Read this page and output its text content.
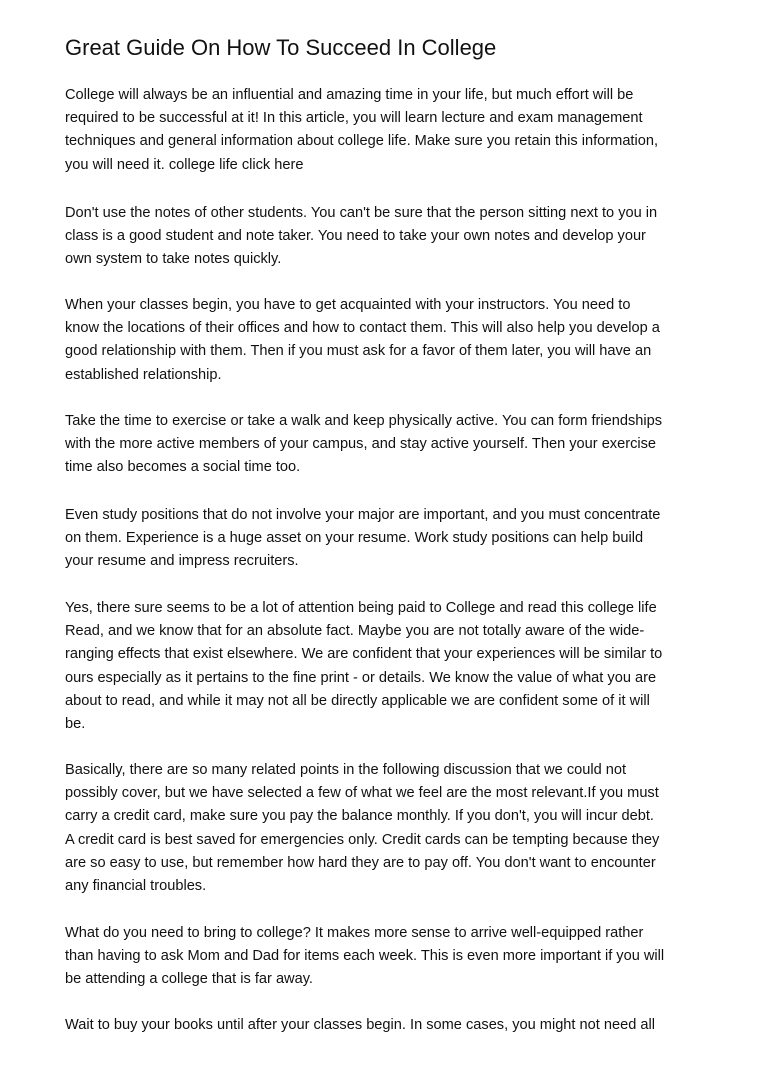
Great Guide On How To Succeed In College

College will always be an influential and amazing time in your life, but much effort will be
required to be successful at it! In this article, you will learn lecture and exam management
techniques and general information about college life. Make sure you retain this information,
you will need it. college life click here

Don't use the notes of other students. You can't be sure that the person sitting next to you in
class is a good student and note taker. You need to take your own notes and develop your
own system to take notes quickly.

When your classes begin, you have to get acquainted with your instructors. You need to
know the locations of their offices and how to contact them. This will also help you develop a
good relationship with them. Then if you must ask for a favor of them later, you will have an
established relationship.

Take the time to exercise or take a walk and keep physically active. You can form friendships
with the more active members of your campus, and stay active yourself. Then your exercise
time also becomes a social time too.

Even study positions that do not involve your major are important, and you must concentrate
on them. Experience is a huge asset on your resume. Work study positions can help build
your resume and impress recruiters.

Yes, there sure seems to be a lot of attention being paid to College and read this college life
Read, and we know that for an absolute fact. Maybe you are not totally aware of the wide-
ranging effects that exist elsewhere. We are confident that your experiences will be similar to
ours especially as it pertains to the fine print - or details. We know the value of what you are
about to read, and while it may not all be directly applicable we are confident some of it will
be.

Basically, there are so many related points in the following discussion that we could not
possibly cover, but we have selected a few of what we feel are the most relevant.If you must
carry a credit card, make sure you pay the balance monthly. If you don't, you will incur debt.
A credit card is best saved for emergencies only. Credit cards can be tempting because they
are so easy to use, but remember how hard they are to pay off. You don't want to encounter
any financial troubles.

What do you need to bring to college? It makes more sense to arrive well-equipped rather
than having to ask Mom and Dad for items each week. This is even more important if you will
be attending a college that is far away.

Wait to buy your books until after your classes begin. In some cases, you might not need all
